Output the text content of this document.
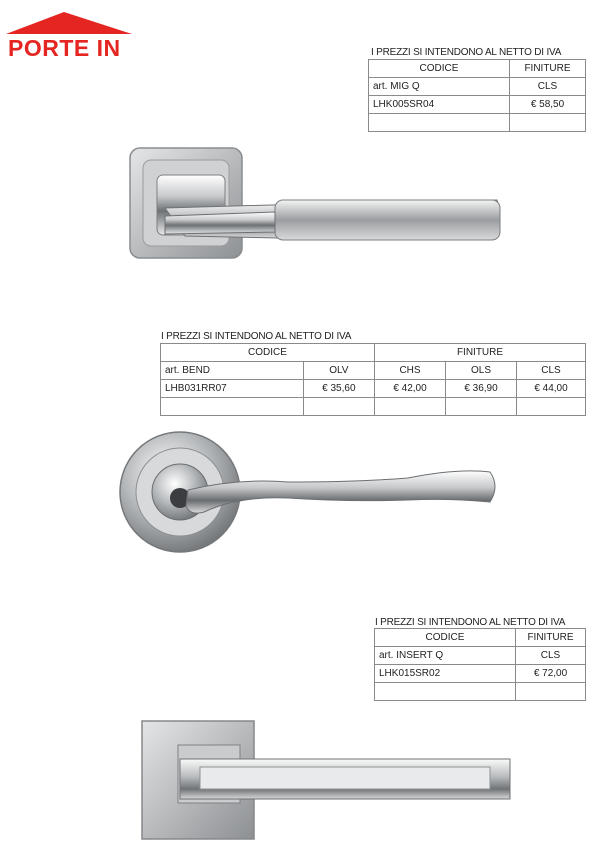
PORTE IN	I PREZZI SI INTENDONO AL NETTO DI IVA
CODICE	FINITURE
art. MIG Q	CLS
LHK005SR04	€ 58,50

I PREZZI SI INTENDONO AL NETTO DI IVA
CODICE		FINITURE		
art. BEND	OLV	CHS	OLS	CLS
LHB031RR07	€ 35,60	€ 42,00	€ 36,90	€ 44,00

I PREZZI SI INTENDONO AL NETTO DI IVA
CODICE	FINITURE
art. INSERT Q	CLS
LHK015SR02	€ 72,00
